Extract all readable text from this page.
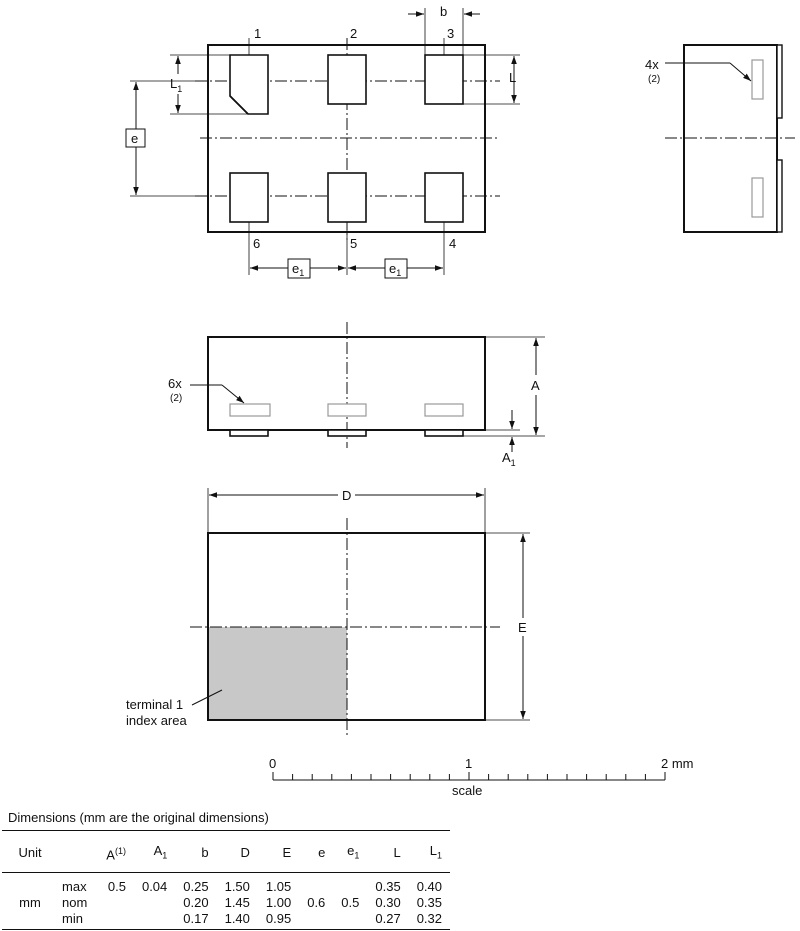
1	2	3
6	5	4
b
L
$L_1$
e
$e_1$	$e_1$
4x
(2)
6x
(2)
A
$A_1$
D
E
terminal 1
index area
0	1	2 mm
scale
Dimensions (mm are the original dimensions)
Unit		$A^{(1)}$	$A_1$	b	D	E	e	$e_1$	L	$L_1$
	max	0.5	0.04	0.25	1.50	1.05			0.35	0.40
mm	nom			0.20	1.45	1.00	0.6	0.5	0.30	0.35
	min			0.17	1.40	0.95			0.27	0.32
